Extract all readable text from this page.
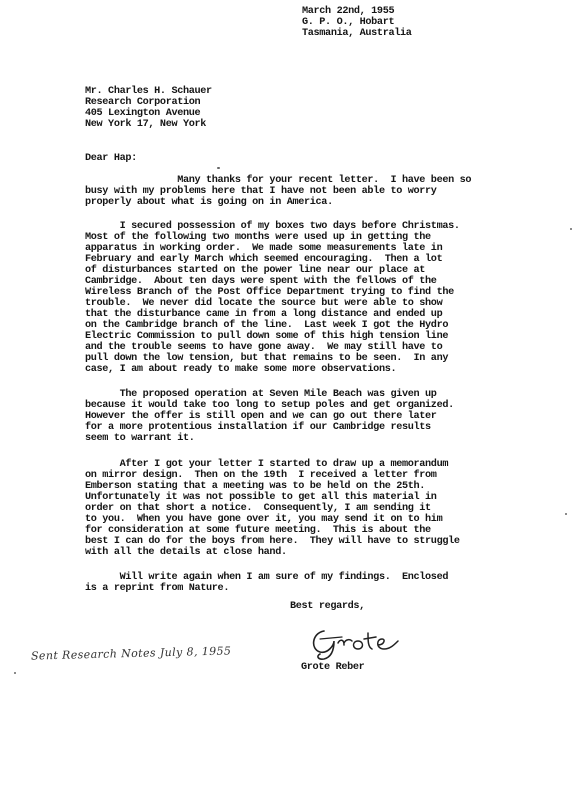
March 22nd, 1955
G. P. O., Hobart
Tasmania, Australia
Mr. Charles H. Schauer
Research Corporation
405 Lexington Avenue
New York 17, New York
Dear Hap:
Many thanks for your recent letter.  I have been so
busy with my problems here that I have not been able to worry
properly about what is going on in America.
I secured possession of my boxes two days before Christmas.
Most of the following two months were used up in getting the
apparatus in working order.  We made some measurements late in
February and early March which seemed encouraging.  Then a lot
of disturbances started on the power line near our place at
Cambridge.  About ten days were spent with the fellows of the
Wireless Branch of the Post Office Department trying to find the
trouble.  We never did locate the source but were able to show
that the disturbance came in from a long distance and ended up
on the Cambridge branch of the line.  Last week I got the Hydro
Electric Commission to pull down some of this high tension line
and the trouble seems to have gone away.  We may still have to
pull down the low tension, but that remains to be seen.  In any
case, I am about ready to make some more observations.
The proposed operation at Seven Mile Beach was given up
because it would take too long to setup poles and get organized.
However the offer is still open and we can go out there later
for a more protentious installation if our Cambridge results
seem to warrant it.
After I got your letter I started to draw up a memorandum
on mirror design.  Then on the 19th  I received a letter from
Emberson stating that a meeting was to be held on the 25th.
Unfortunately it was not possible to get all this material in
order on that short a notice.  Consequently, I am sending it
to you.  When you have gone over it, you may send it on to him
for consideration at some future meeting.  This is about the
best I can do for the boys from here.  They will have to struggle
with all the details at close hand.
Will write again when I am sure of my findings.  Enclosed
is a reprint from Nature.
Best regards,
Grote Reber
Sent Research Notes July 8, 1955
